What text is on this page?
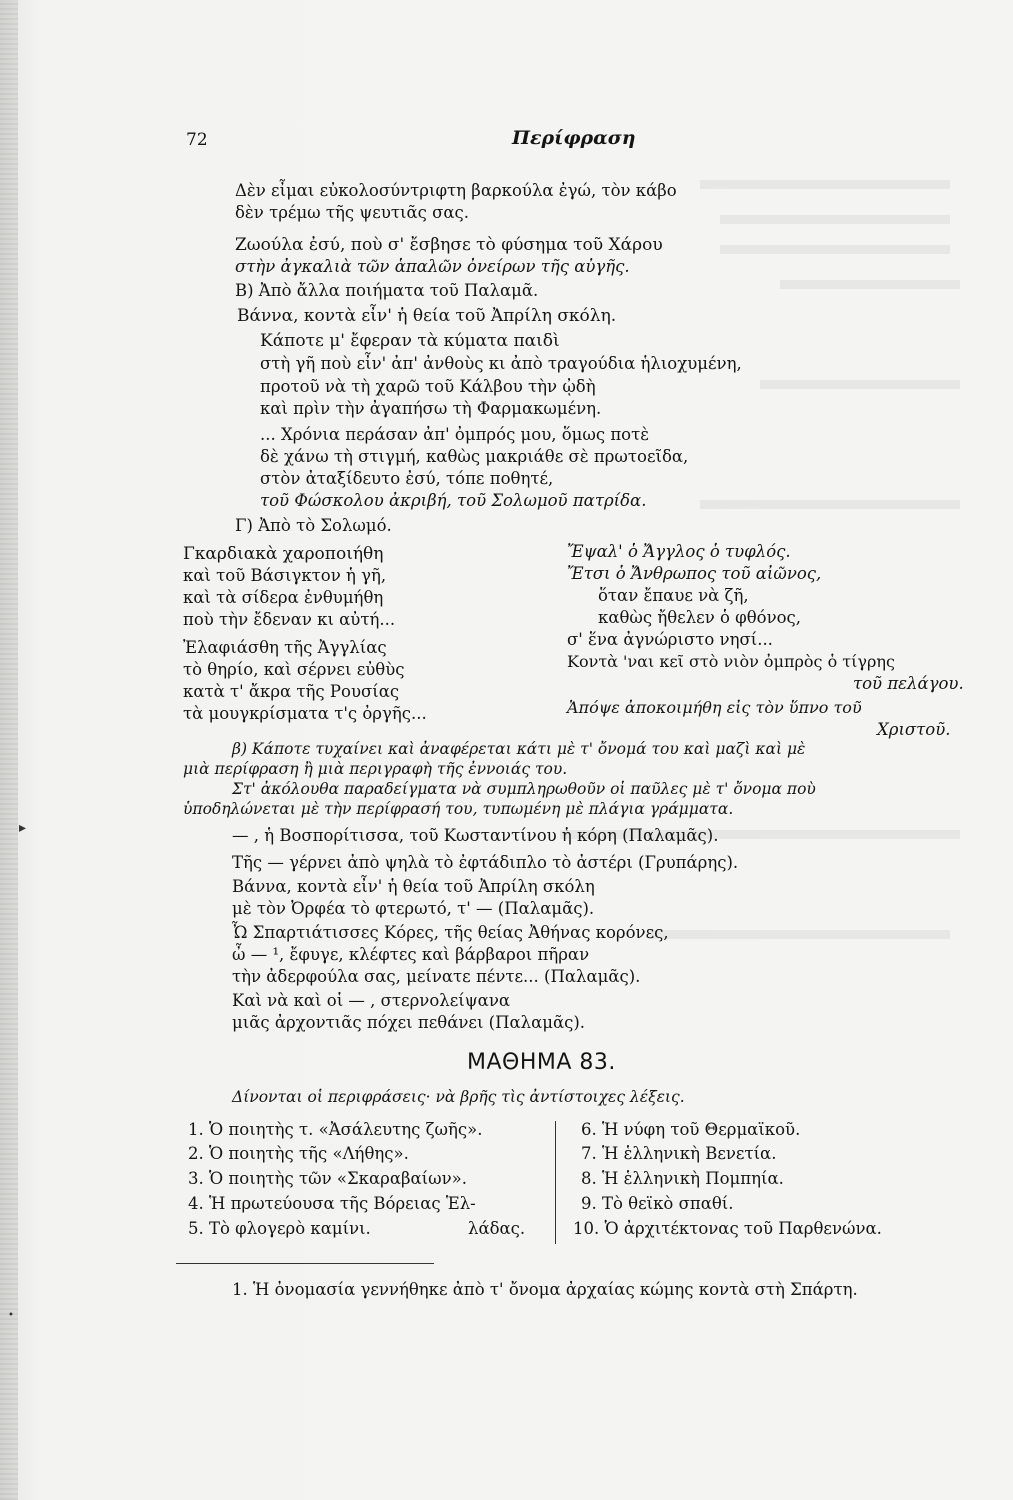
72	Περίφραση
Δὲν εἶμαι εὐκολοσύντριφτη βαρκούλα ἐγώ, τὸν κάβο
δὲν τρέμω τῆς ψευτιᾶς σας.
Ζωούλα ἐσύ, ποὺ σ' ἔσβησε τὸ φύσημα τοῦ Χάρου
στὴν ἀγκαλιὰ τῶν ἁπαλῶν ὀνείρων τῆς αὐγῆς.
Β) Ἀπὸ ἄλλα ποιήματα τοῦ Παλαμᾶ.
Βάννα, κοντὰ εἶν' ἡ θεία τοῦ Ἀπρίλη σκόλη.
Κάποτε μ' ἔφεραν τὰ κύματα παιδὶ
στὴ γῆ ποὺ εἶν' ἀπ' ἀνθοὺς κι ἀπὸ τραγούδια ἡλιοχυμένη,
προτοῦ νὰ τὴ χαρῶ τοῦ Κάλβου τὴν ᾠδὴ
καὶ πρὶν τὴν ἀγαπήσω τὴ Φαρμακωμένη.
... Χρόνια περάσαν ἀπ' ὀμπρός μου, ὅμως ποτὲ
δὲ χάνω τὴ στιγμή, καθὼς μακριάθε σὲ πρωτοεῖδα,
στὸν ἀταξίδευτο ἐσύ, τόπε ποθητέ,
τοῦ Φώσκολου ἀκριβή, τοῦ Σολωμοῦ πατρίδα.
Γ) Ἀπὸ τὸ Σολωμό.
Γκαρδιακὰ χαροποιήθη
καὶ τοῦ Βάσιγκτον ἡ γῆ,
καὶ τὰ σίδερα ἐνθυμήθη
ποὺ τὴν ἔδεναν κι αὐτή...
Ἐλαφιάσθη τῆς Ἀγγλίας
τὸ θηρίο, καὶ σέρνει εὐθὺς
κατὰ τ' ἄκρα τῆς Ρουσίας
τὰ μουγκρίσματα τ'ς ὀργῆς...
Ἔψαλ' ὁ Ἄγγλος ὁ τυφλός.
Ἔτσι ὁ Ἄνθρωπος τοῦ αἰῶνος,
ὅταν ἔπαυε νὰ ζῆ,
καθὼς ἤθελεν ὁ φθόνος,
σ' ἕνα ἀγνώριστο νησί...
Κοντὰ 'ναι κεῖ στὸ νιὸν ὀμπρὸς ὁ τίγρης
τοῦ πελάγου.
Ἀπόψε ἀποκοιμήθη εἰς τὸν ὕπνο τοῦ
Χριστοῦ.
β) Κάποτε τυχαίνει καὶ ἀναφέρεται κάτι μὲ τ' ὄνομά του καὶ μαζὶ καὶ μὲ
μιὰ περίφραση ἢ μιὰ περιγραφὴ τῆς ἐννοιάς του.
Στ' ἀκόλουθα παραδείγματα νὰ συμπληρωθοῦν οἱ παῦλες μὲ τ' ὄνομα ποὺ
ὑποδηλώνεται μὲ τὴν περίφρασή του, τυπωμένη μὲ πλάγια γράμματα.
— , ἡ Βοσπορίτισσα, τοῦ Κωσταντίνου ἡ κόρη (Παλαμᾶς).
Τῆς — γέρνει ἀπὸ ψηλὰ τὸ ἐφτάδιπλο τὸ ἀστέρι (Γρυπάρης).
Βάννα, κοντὰ εἶν' ἡ θεία τοῦ Ἀπρίλη σκόλη
μὲ τὸν Ὀρφέα τὸ φτερωτό, τ' — (Παλαμᾶς).
Ὦ Σπαρτιάτισσες Κόρες, τῆς θείας Ἀθήνας κορόνες,
ὦ — ¹, ἔφυγε, κλέφτες καὶ βάρβαροι πῆραν
τὴν ἀδερφούλα σας, μείνατε πέντε... (Παλαμᾶς).
Καὶ νὰ καὶ οἱ — , στερνολείψανα
μιᾶς ἀρχοντιᾶς πόχει πεθάνει (Παλαμᾶς).
ΜΑΘΗΜΑ 83.
Δίνονται οἱ περιφράσεις· νὰ βρῆς τὶς ἀντίστοιχες λέξεις.
1. Ὁ ποιητὴς τ. «Ἀσάλευτης ζωῆς».
2. Ὁ ποιητὴς τῆς «Λήθης».
3. Ὁ ποιητὴς τῶν «Σκαραβαίων».
4. Ἡ πρωτεύουσα τῆς Βόρειας Ἑλ-
5. Τὸ φλογερὸ καμίνι.	λάδας.
6. Ἡ νύφη τοῦ Θερμαϊκοῦ.
7. Ἡ ἑλληνικὴ Βενετία.
8. Ἡ ἑλληνικὴ Πομπηία.
9. Τὸ θεϊκὸ σπαθί.
10. Ὁ ἀρχιτέκτονας τοῦ Παρθενώνα.
1. Ἡ ὀνομασία γεννήθηκε ἀπὸ τ' ὄνομα ἀρχαίας κώμης κοντὰ στὴ Σπάρτη.
▸
•
